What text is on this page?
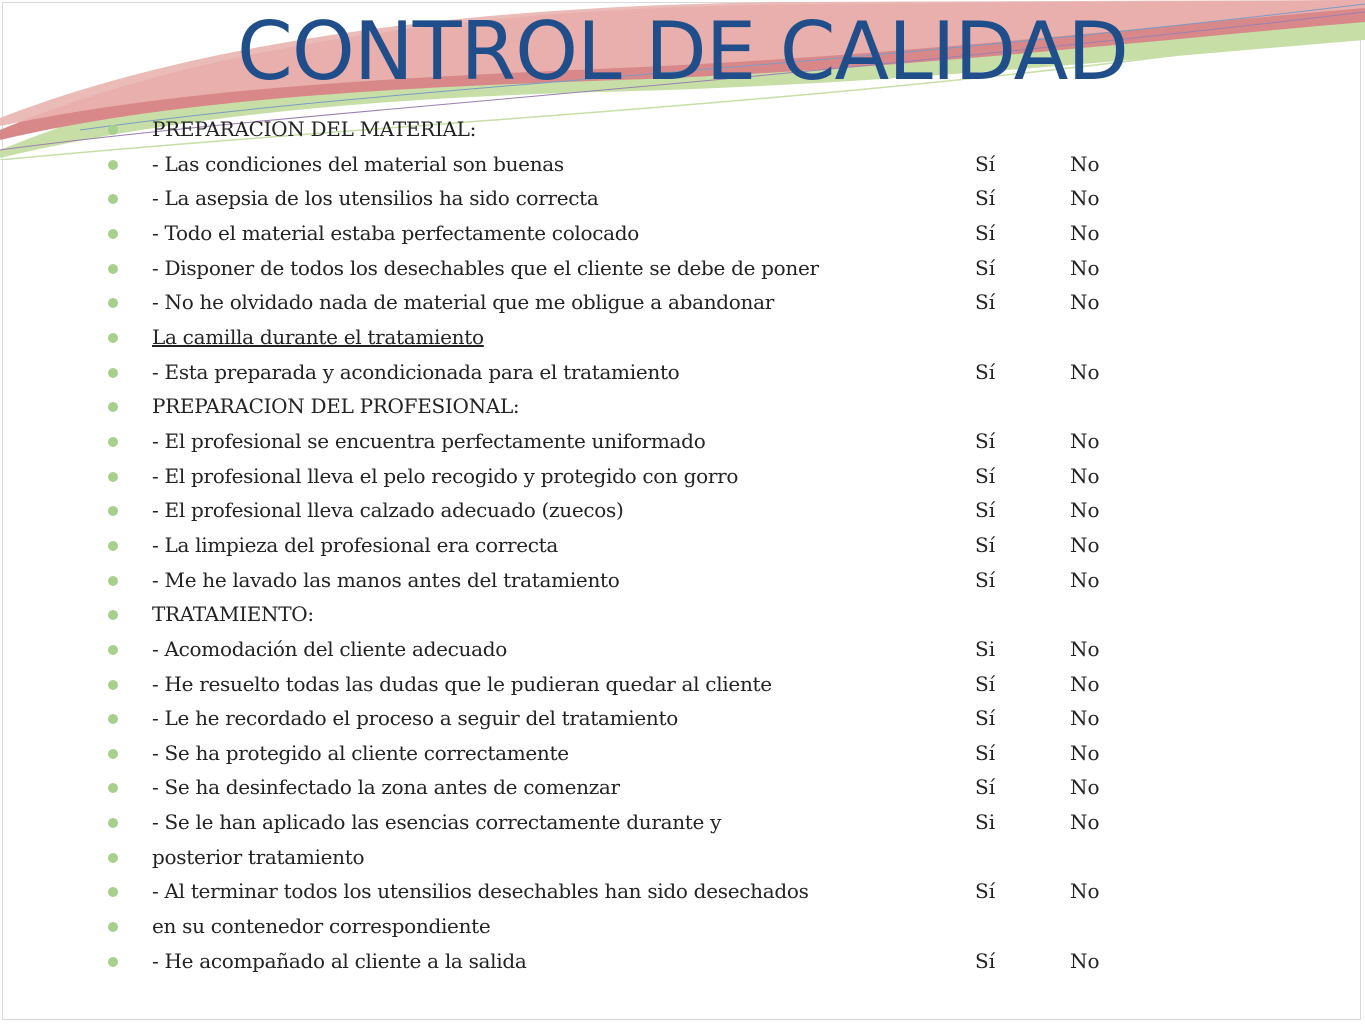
CONTROL DE CALIDAD
PREPARACION DEL MATERIAL:
- Las condiciones del material son buenas	Sí	No
- La asepsia de los utensilios ha sido correcta	Sí	No
- Todo el material estaba perfectamente colocado	Sí	No
- Disponer de todos los desechables que el cliente se debe de poner	Sí	No
- No he olvidado nada de material que me obligue a abandonar	Sí	No
La camilla durante el tratamiento
- Esta preparada y acondicionada para el tratamiento	Sí	No
PREPARACION DEL PROFESIONAL:
- El profesional se encuentra perfectamente uniformado	Sí	No
- El profesional lleva el pelo recogido y protegido con gorro	Sí	No
- El profesional lleva calzado adecuado (zuecos)	Sí	No
- La limpieza del profesional era correcta	Sí	No
- Me he lavado las manos antes del tratamiento	Sí	No
TRATAMIENTO:
- Acomodación del cliente adecuado	Si	No
- He resuelto todas las dudas que le pudieran quedar al cliente	Sí	No
- Le he recordado el proceso a seguir del tratamiento	Sí	No
- Se ha protegido al cliente correctamente	Sí	No
- Se ha desinfectado la zona antes de comenzar	Sí	No
- Se le han aplicado las esencias correctamente durante y	Si	No
posterior tratamiento
- Al terminar todos los utensilios desechables han sido desechados	Sí	No
en su contenedor correspondiente
- He acompañado al cliente a la salida	Sí	No
